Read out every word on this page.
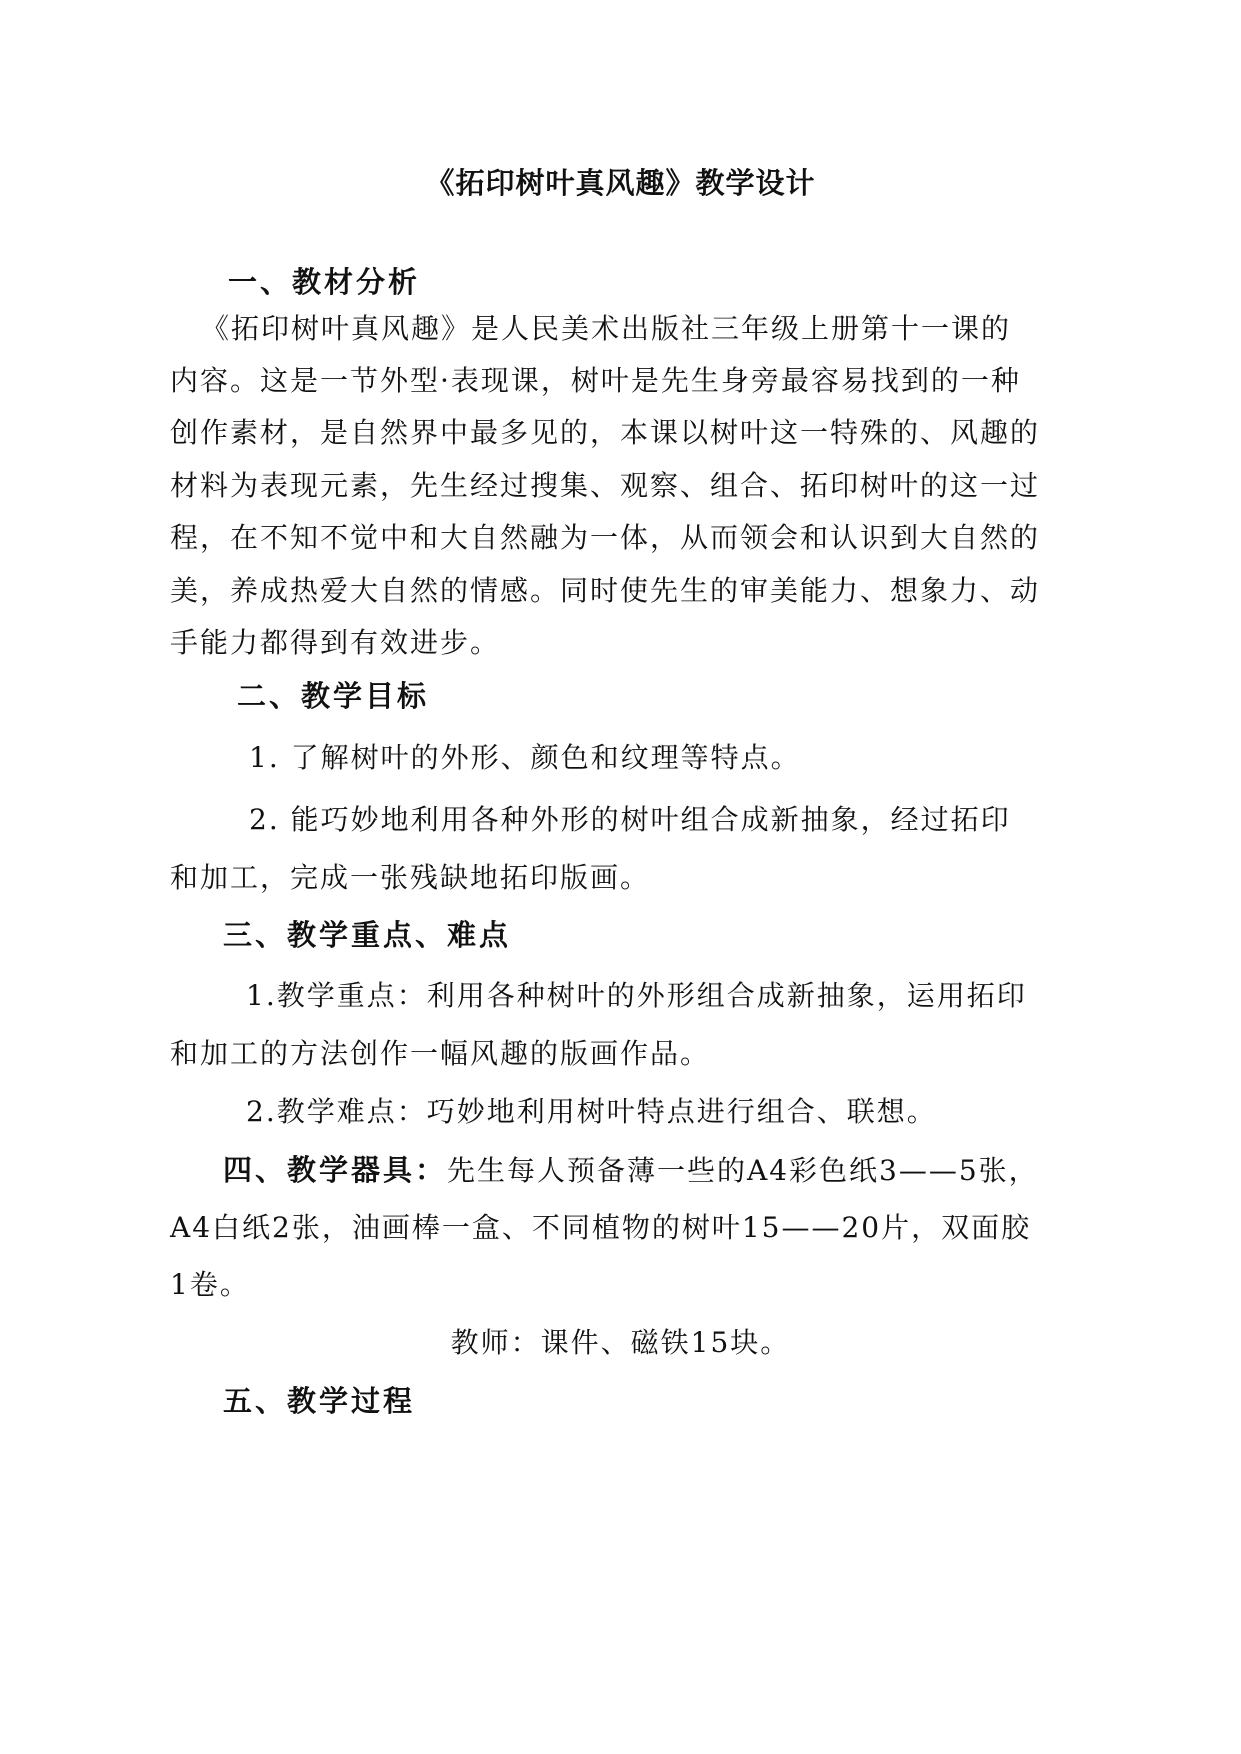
《拓印树叶真风趣》教学设计
一、教材分析
《拓印树叶真风趣》是人民美术出版社三年级上册第十一课的
内容。这是一节外型·表现课，树叶是先生身旁最容易找到的一种
创作素材，是自然界中最多见的，本课以树叶这一特殊的、风趣的
材料为表现元素，先生经过搜集、观察、组合、拓印树叶的这一过
程，在不知不觉中和大自然融为一体，从而领会和认识到大自然的
美，养成热爱大自然的情感。同时使先生的审美能力、想象力、动
手能力都得到有效进步。
二、教学目标
1. 了解树叶的外形、颜色和纹理等特点。
2. 能巧妙地利用各种外形的树叶组合成新抽象，经过拓印
和加工，完成一张残缺地拓印版画。
三、教学重点、难点
1.教学重点：利用各种树叶的外形组合成新抽象，运用拓印
和加工的方法创作一幅风趣的版画作品。
2.教学难点：巧妙地利用树叶特点进行组合、联想。
四、教学器具：先生每人预备薄一些的A4彩色纸3——5张，
A4白纸2张，油画棒一盒、不同植物的树叶15——20片，双面胶
1卷。
教师：课件、磁铁15块。
五、教学过程
